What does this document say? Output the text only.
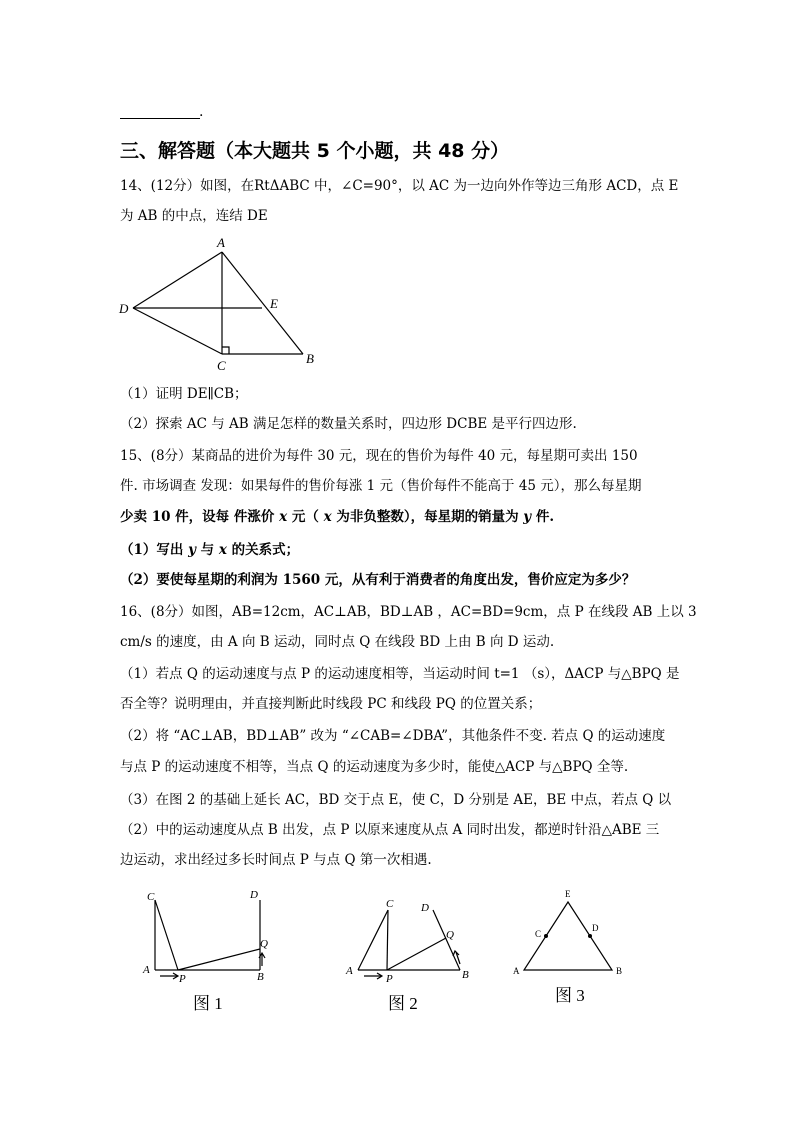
.
三、解答题（本大题共 5 个小题，共 48 分）
14、(12分）如图，在RtΔABC 中，∠C=90°，以 AC 为一边向外作等边三角形 ACD，点 E
为 AB 的中点，连结 DE
A
B
C
D	E
（1）证明 DE∥CB；
（2）探索 AC 与 AB 满足怎样的数量关系时，四边形 DCBE 是平行四边形.
15、(8分）某商品的进价为每件 30 元，现在的售价为每件 40 元，每星期可卖出 150
件. 市场调查 发现：如果每件的售价每涨 1 元（售价每件不能高于 45 元），那么每星期
少卖 10 件，设每 件涨价 x 元（ x 为非负整数），每星期的销量为 y 件.
（1）写出 y 与 x 的关系式；
（2）要使每星期的利润为 1560 元，从有利于消费者的角度出发，售价应定为多少？
16、(8分）如图，AB=12cm，AC⊥AB，BD⊥AB ，AC=BD=9cm，点 P 在线段 AB 上以 3
cm/s 的速度，由 A 向 B 运动，同时点 Q 在线段 BD 上由 B 向 D 运动.
（1）若点 Q 的运动速度与点 P 的运动速度相等，当运动时间 t=1 （s），ΔACP 与△BPQ 是
否全等？说明理由，并直接判断此时线段 PC 和线段 PQ 的位置关系；
（2）将 “AC⊥AB，BD⊥AB” 改为 “∠CAB=∠DBA”，其他条件不变. 若点 Q 的运动速度
与点 P 的运动速度不相等，当点 Q 的运动速度为多少时，能使△ACP 与△BPQ 全等.
（3）在图 2 的基础上延长 AC，BD 交于点 E，使 C，D 分别是 AE，BE 中点，若点 Q 以
（2）中的运动速度从点 B 出发，点 P 以原来速度从点 A 同时出发，都逆时针沿△ABE 三
边运动，求出经过多长时间点 P 与点 Q 第一次相遇.
C	D
A
B
P
Q
图 1
C	D
A	B
P
Q
图 2
E
C
D
A	B
图 3
